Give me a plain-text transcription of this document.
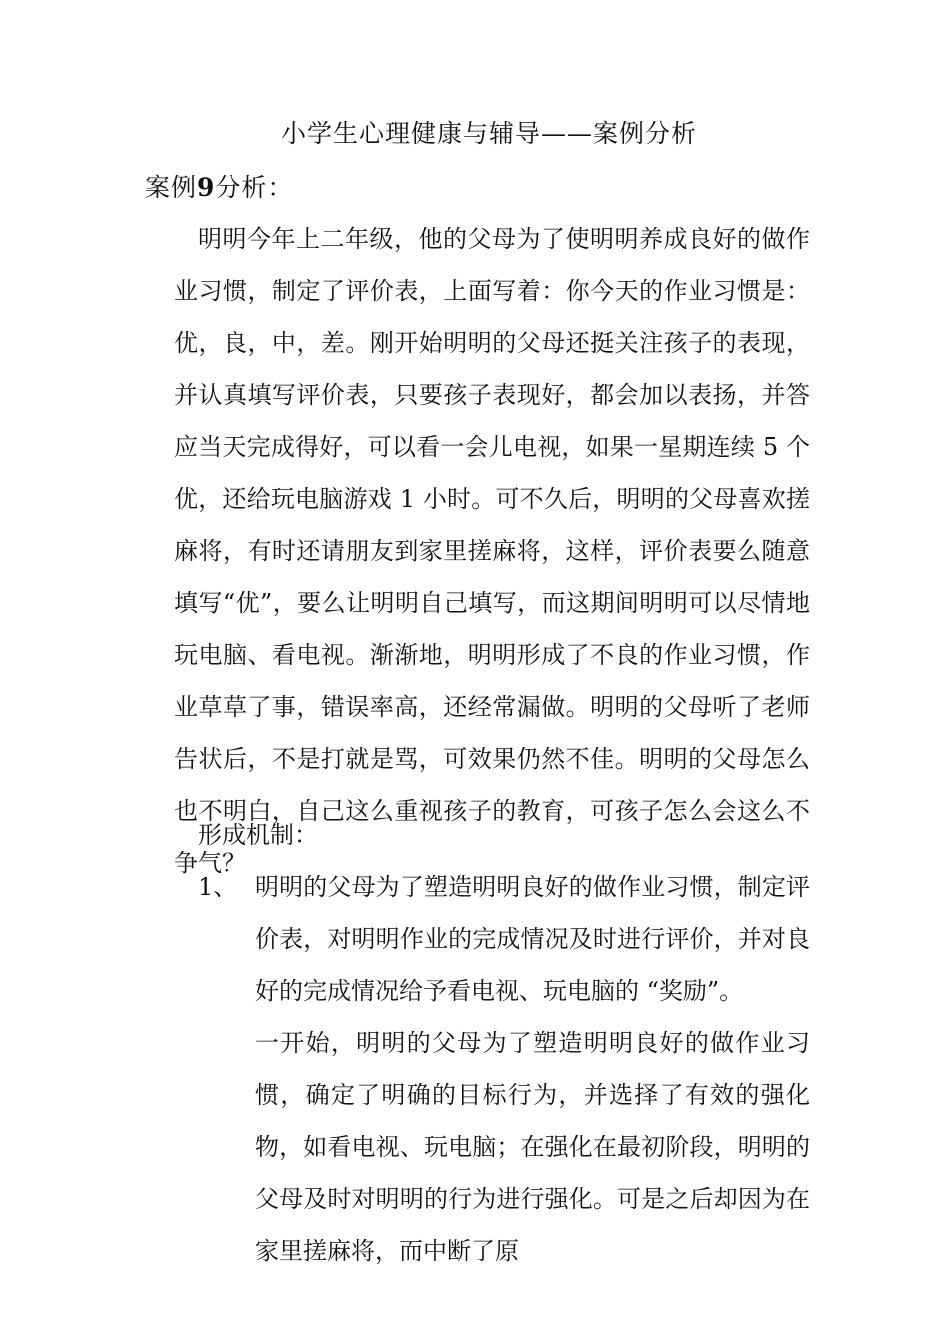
小学生心理健康与辅导——案例分析
案例9分析：
明明今年上二年级，他的父母为了使明明养成良好的做作业习惯，制定了评价表，上面写着：你今天的作业习惯是：优，良，中，差。刚开始明明的父母还挺关注孩子的表现，并认真填写评价表，只要孩子表现好，都会加以表扬，并答应当天完成得好，可以看一会儿电视，如果一星期连续 5 个优，还给玩电脑游戏 1 小时。可不久后，明明的父母喜欢搓麻将，有时还请朋友到家里搓麻将，这样，评价表要么随意填写“优”，要么让明明自己填写，而这期间明明可以尽情地玩电脑、看电视。渐渐地，明明形成了不良的作业习惯，作业草草了事，错误率高，还经常漏做。明明的父母听了老师告状后，不是打就是骂，可效果仍然不佳。明明的父母怎么也不明白，自己这么重视孩子的教育，可孩子怎么会这么不争气？
形成机制：
1、 明明的父母为了塑造明明良好的做作业习惯，制定评价表，对明明作业的完成情况及时进行评价，并对良好的完成情况给予看电视、玩电脑的 “奖励”。
一开始，明明的父母为了塑造明明良好的做作业习惯，确定了明确的目标行为，并选择了有效的强化物，如看电视、玩电脑；在强化在最初阶段，明明的父母及时对明明的行为进行强化。可是之后却因为在家里搓麻将，而中断了原
